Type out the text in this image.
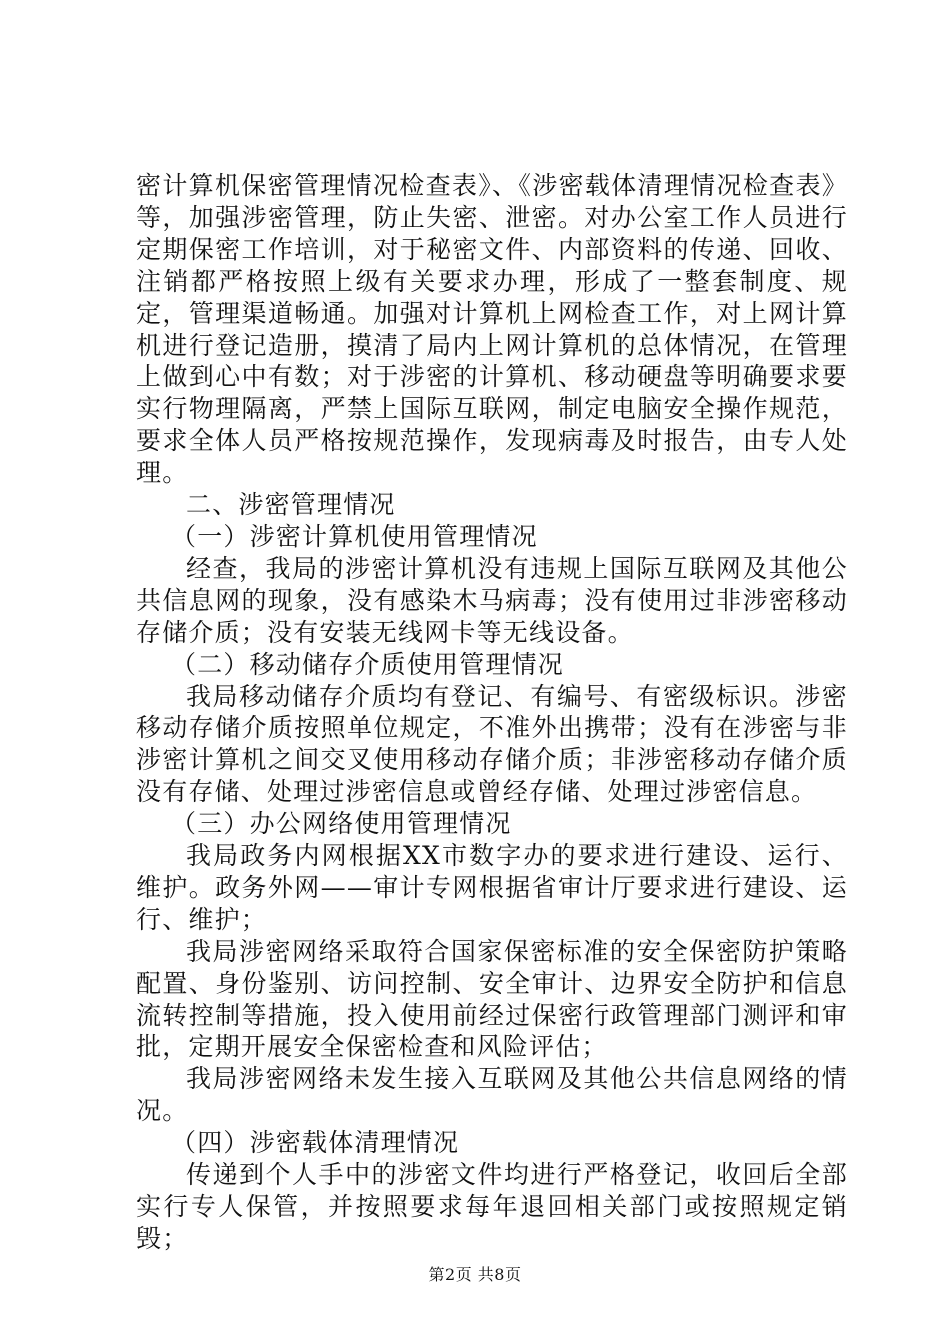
密计算机保密管理情况检查表》、《涉密载体清理情况检查表》等，加强涉密管理，防止失密、泄密。对办公室工作人员进行定期保密工作培训，对于秘密文件、内部资料的传递、回收、注销都严格按照上级有关要求办理，形成了一整套制度、规定，管理渠道畅通。加强对计算机上网检查工作，对上网计算机进行登记造册，摸清了局内上网计算机的总体情况，在管理上做到心中有数；对于涉密的计算机、移动硬盘等明确要求要实行物理隔离，严禁上国际互联网，制定电脑安全操作规范，要求全体人员严格按规范操作，发现病毒及时报告，由专人处理。

二、涉密管理情况

（一）涉密计算机使用管理情况

经查，我局的涉密计算机没有违规上国际互联网及其他公共信息网的现象，没有感染木马病毒；没有使用过非涉密移动存储介质；没有安装无线网卡等无线设备。

（二）移动储存介质使用管理情况

我局移动储存介质均有登记、有编号、有密级标识。涉密移动存储介质按照单位规定，不准外出携带；没有在涉密与非涉密计算机之间交叉使用移动存储介质；非涉密移动存储介质没有存储、处理过涉密信息或曾经存储、处理过涉密信息。

（三）办公网络使用管理情况

我局政务内网根据XX市数字办的要求进行建设、运行、维护。政务外网——审计专网根据省审计厅要求进行建设、运行、维护；

我局涉密网络采取符合国家保密标准的安全保密防护策略配置、身份鉴别、访问控制、安全审计、边界安全防护和信息流转控制等措施，投入使用前经过保密行政管理部门测评和审批，定期开展安全保密检查和风险评估；

我局涉密网络未发生接入互联网及其他公共信息网络的情况。

（四）涉密载体清理情况

传递到个人手中的涉密文件均进行严格登记，收回后全部实行专人保管，并按照要求每年退回相关部门或按照规定销毁；

第2页 共8页
